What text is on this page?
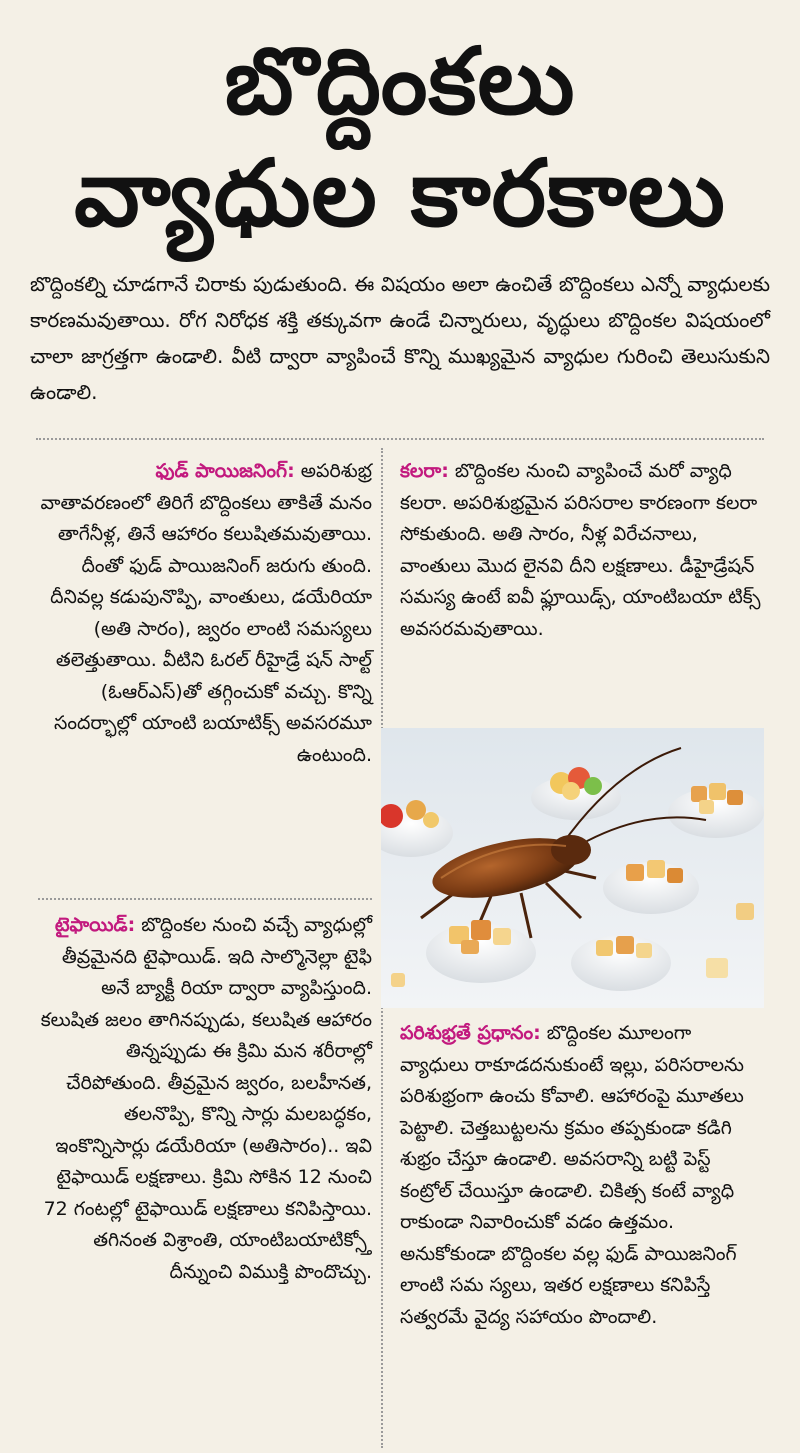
బొద్దింకలు
వ్యాధుల కారకాలు

బొద్దింకల్ని చూడగానే చిరాకు పుడుతుంది. ఈ విషయం అలా ఉంచితే బొద్దింకలు ఎన్నో వ్యాధులకు కారణమవుతాయి. రోగ నిరోధక శక్తి తక్కువగా ఉండే చిన్నారులు, వృద్ధులు బొద్దింకల విషయంలో చాలా జాగ్రత్తగా ఉండాలి. వీటి ద్వారా వ్యాపించే కొన్ని ముఖ్యమైన వ్యాధుల గురించి తెలుసుకుని ఉండాలి.

ఫుడ్ పాయిజనింగ్: అపరిశుభ్ర వాతావరణంలో తిరిగే బొద్దింకలు తాకితే మనం తాగేనీళ్ల, తినే ఆహారం కలుషితమవుతాయి. దీంతో ఫుడ్ పాయిజనింగ్ జరుగు తుంది. దీనివల్ల కడుపునొప్పి, వాంతులు, డయేరియా (అతి సారం), జ్వరం లాంటి సమస్యలు తలెత్తుతాయి. వీటిని ఓరల్ రీహైడ్రే షన్ సాల్ట్ (ఓఆర్ఎస్)తో తగ్గించుకో వచ్చు. కొన్ని సందర్భాల్లో యాంటి బయాటిక్స్ అవసరమూ ఉంటుంది.
టైఫాయిడ్: బొద్దింకల నుంచి వచ్చే వ్యాధుల్లో తీవ్రమైనది టైఫాయిడ్. ఇది సాల్మొనెల్లా టైఫి అనే బ్యాక్టీ రియా ద్వారా వ్యాపిస్తుంది. కలుషిత జలం తాగినప్పుడు, కలుషిత ఆహారం తిన్నప్పుడు ఈ క్రిమి మన శరీరాల్లో చేరిపోతుంది. తీవ్రమైన జ్వరం, బలహీనత, తలనొప్పి, కొన్ని సార్లు మలబద్ధకం, ఇంకొన్నిసార్లు డయేరియా (అతిసారం).. ఇవి టైఫాయిడ్ లక్షణాలు. క్రిమి సోకిన 12 నుంచి 72 గంటల్లో టైఫాయిడ్ లక్షణాలు కనిపిస్తాయి. తగినంత విశ్రాంతి, యాంటిబయాటిక్స్తో దీన్నుంచి విముక్తి పొందొచ్చు.
కలరా: బొద్దింకల నుంచి వ్యాపించే మరో వ్యాధి కలరా. అపరిశుభ్రమైన పరిసరాల కారణంగా కలరా సోకుతుంది. అతి సారం, నీళ్ల విరేచనాలు, వాంతులు మొద లైనవి దీని లక్షణాలు. డీహైడ్రేషన్ సమస్య ఉంటే ఐవీ ఫ్లూయిడ్స్, యాంటిబయా టిక్స్ అవసరమవుతాయి.
పరిశుభ్రతే ప్రధానం: బొద్దింకల మూలంగా వ్యాధులు రాకూడదనుకుంటే ఇల్లు, పరిసరాలను పరిశుభ్రంగా ఉంచు కోవాలి. ఆహారంపై మూతలు పెట్టాలి. చెత్తబుట్టలను క్రమం తప్పకుండా కడిగి శుభ్రం చేస్తూ ఉండాలి. అవసరాన్ని బట్టి పెస్ట్ కంట్రోల్ చేయిస్తూ ఉండాలి. చికిత్స కంటే వ్యాధి రాకుండా నివారించుకో వడం ఉత్తమం. అనుకోకుండా బొద్దింకల వల్ల ఫుడ్ పాయిజనింగ్ లాంటి సమ స్యలు, ఇతర లక్షణాలు కనిపిస్తే సత్వరమే వైద్య సహాయం పొందాలి.
